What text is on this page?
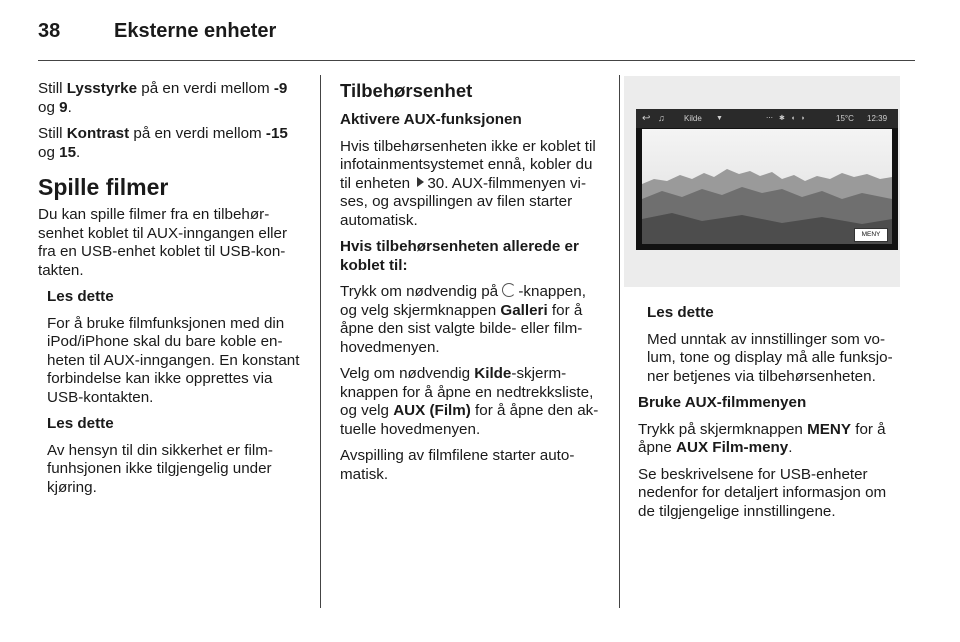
38	Eksterne enheter

Still Lysstyrke på en verdi mellom -9 og 9.

Still Kontrast på en verdi mellom -15 og 15.

Spille filmer

Du kan spille filmer fra en tilbehørsenhet koblet til AUX-inngangen eller fra en USB-enhet koblet til USB-kontakten.

Les dette

For å bruke filmfunksjonen med din iPod/iPhone skal du bare koble enheten til AUX-inngangen. En konstant forbindelse kan ikke opprettes via USB-kontakten.

Les dette

Av hensyn til din sikkerhet er filmfunhsjonen ikke tilgjengelig under kjøring.

Tilbehørsenhet

Aktivere AUX-funksjonen

Hvis tilbehørsenheten ikke er koblet til infotainmentsystemet ennå, kobler du til enheten 30. AUX-filmmenyen vises, og avspillingen av filen starter automatisk.

Hvis tilbehørsenheten allerede er koblet til:

Trykk om nødvendig på -knappen, og velg skjermknappen Galleri for å åpne den sist valgte bilde- eller filmhovedmenyen.

Velg om nødvendig Kilde-skjermknappen for å åpne en nedtrekksliste, og velg AUX (Film) for å åpne den aktuelle hovedmenyen.

Avspilling av filmfilene starter automatisk.

↩ ♫ Kilde ▼	⋯ ✱ ◖ ◗	15°C 12:39
MENY

Les dette

Med unntak av innstillinger som volum, tone og display må alle funksjoner betjenes via tilbehørsenheten.

Bruke AUX-filmmenyen

Trykk på skjermknappen MENY for å åpne AUX Film-meny.

Se beskrivelsene for USB-enheter nedenfor for detaljert informasjon om de tilgjengelige innstillingene.
